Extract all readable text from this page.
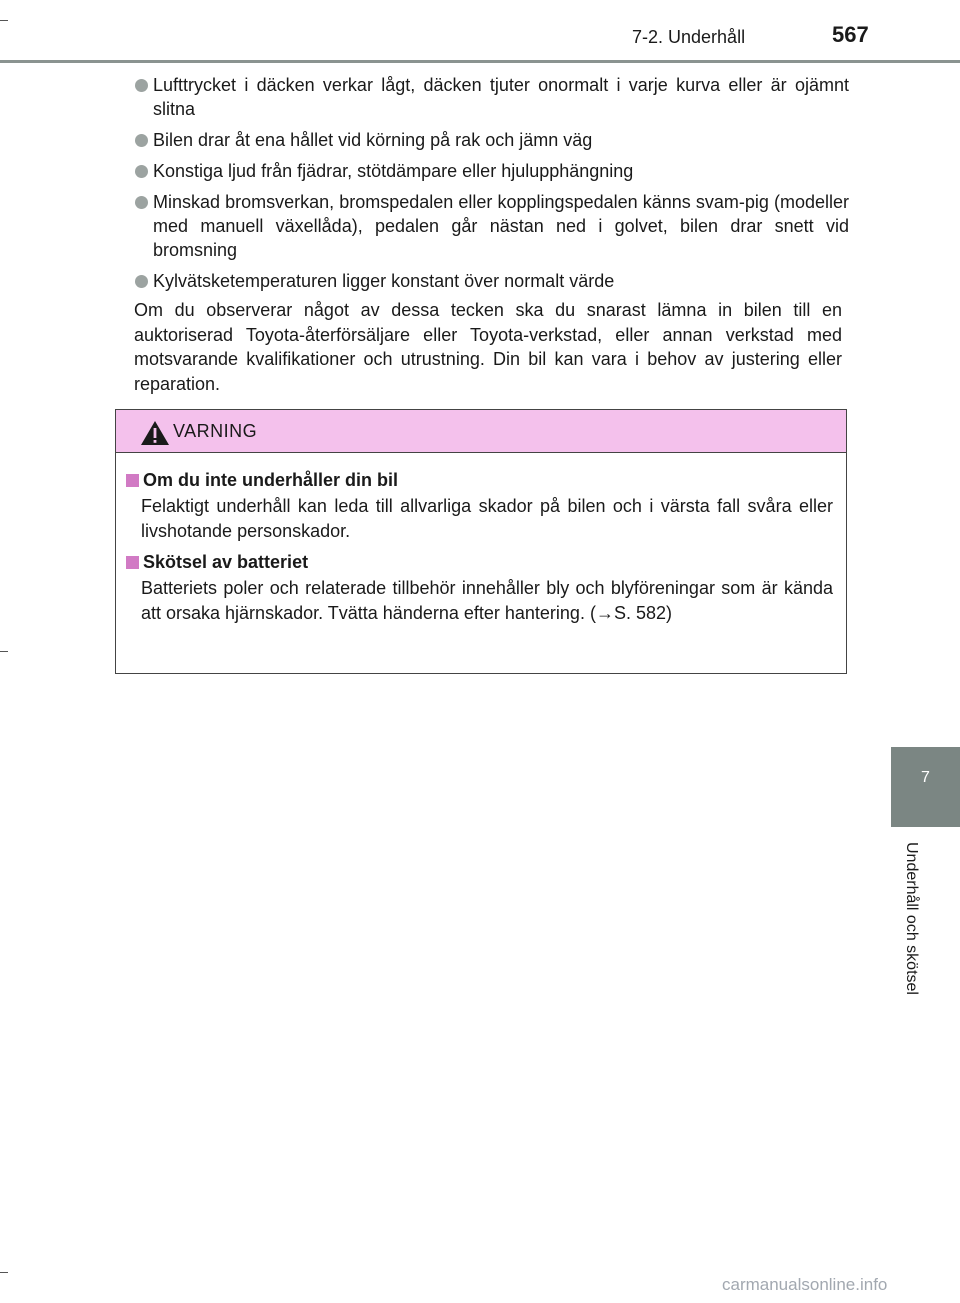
7-2. Underhåll	567
Lufttrycket i däcken verkar lågt, däcken tjuter onormalt i varje kurva eller är ojämnt slitna
Bilen drar åt ena hållet vid körning på rak och jämn väg
Konstiga ljud från fjädrar, stötdämpare eller hjulupphängning
Minskad bromsverkan, bromspedalen eller kopplingspedalen känns svam-pig (modeller med manuell växellåda), pedalen går nästan ned i golvet, bilen drar snett vid bromsning
Kylvätsketemperaturen ligger konstant över normalt värde

Om du observerar något av dessa tecken ska du snarast lämna in bilen till en auktoriserad Toyota-återförsäljare eller Toyota-verkstad, eller annan verkstad med motsvarande kvalifikationer och utrustning. Din bil kan vara i behov av justering eller reparation.

VARNING
Om du inte underhåller din bil

Felaktigt underhåll kan leda till allvarliga skador på bilen och i värsta fall svåra eller livshotande personskador.

Skötsel av batteriet

Batteriets poler och relaterade tillbehör innehåller bly och blyföreningar som är kända att orsaka hjärnskador. Tvätta händerna efter hantering. (→S. 582)

7
Underhåll och skötsel
carmanualsonline.info
